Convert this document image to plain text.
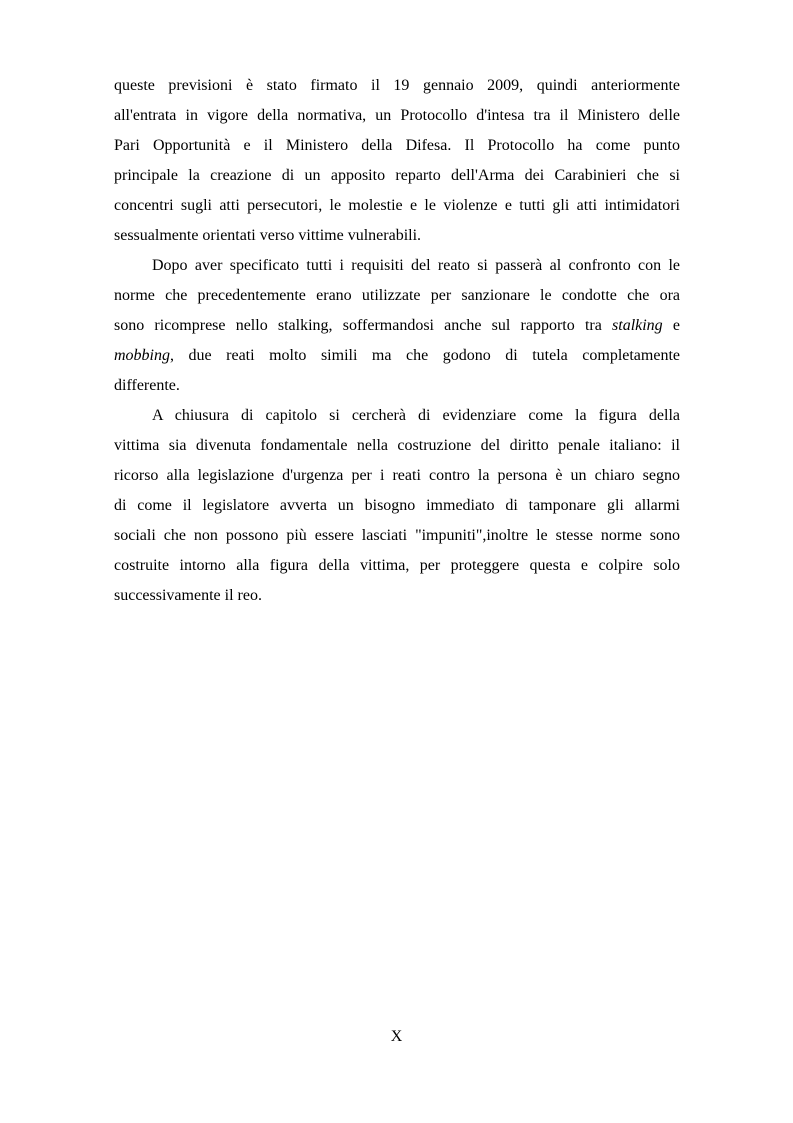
queste previsioni è stato firmato il 19 gennaio 2009, quindi anteriormente
all'entrata in vigore della normativa, un Protocollo d'intesa tra il Ministero delle
Pari Opportunità e il Ministero della Difesa. Il Protocollo ha come punto
principale la creazione di un apposito reparto dell'Arma dei Carabinieri che si
concentri sugli atti persecutori, le molestie e le violenze e tutti gli atti intimidatori
sessualmente orientati verso vittime vulnerabili.

Dopo aver specificato tutti i requisiti del reato si passerà al confronto con le
norme che precedentemente erano utilizzate per sanzionare le condotte che ora
sono ricomprese nello stalking, soffermandosi anche sul rapporto tra stalking e
mobbing, due reati molto simili ma che godono di tutela completamente
differente.

A chiusura di capitolo si cercherà di evidenziare come la figura della
vittima sia divenuta fondamentale nella costruzione del diritto penale italiano: il
ricorso alla legislazione d'urgenza per i reati contro la persona è un chiaro segno
di come il legislatore avverta un bisogno immediato di tamponare gli allarmi
sociali che non possono più essere lasciati "impuniti",inoltre le stesse norme sono
costruite intorno alla figura della vittima, per proteggere questa e colpire solo
successivamente il reo.

X
